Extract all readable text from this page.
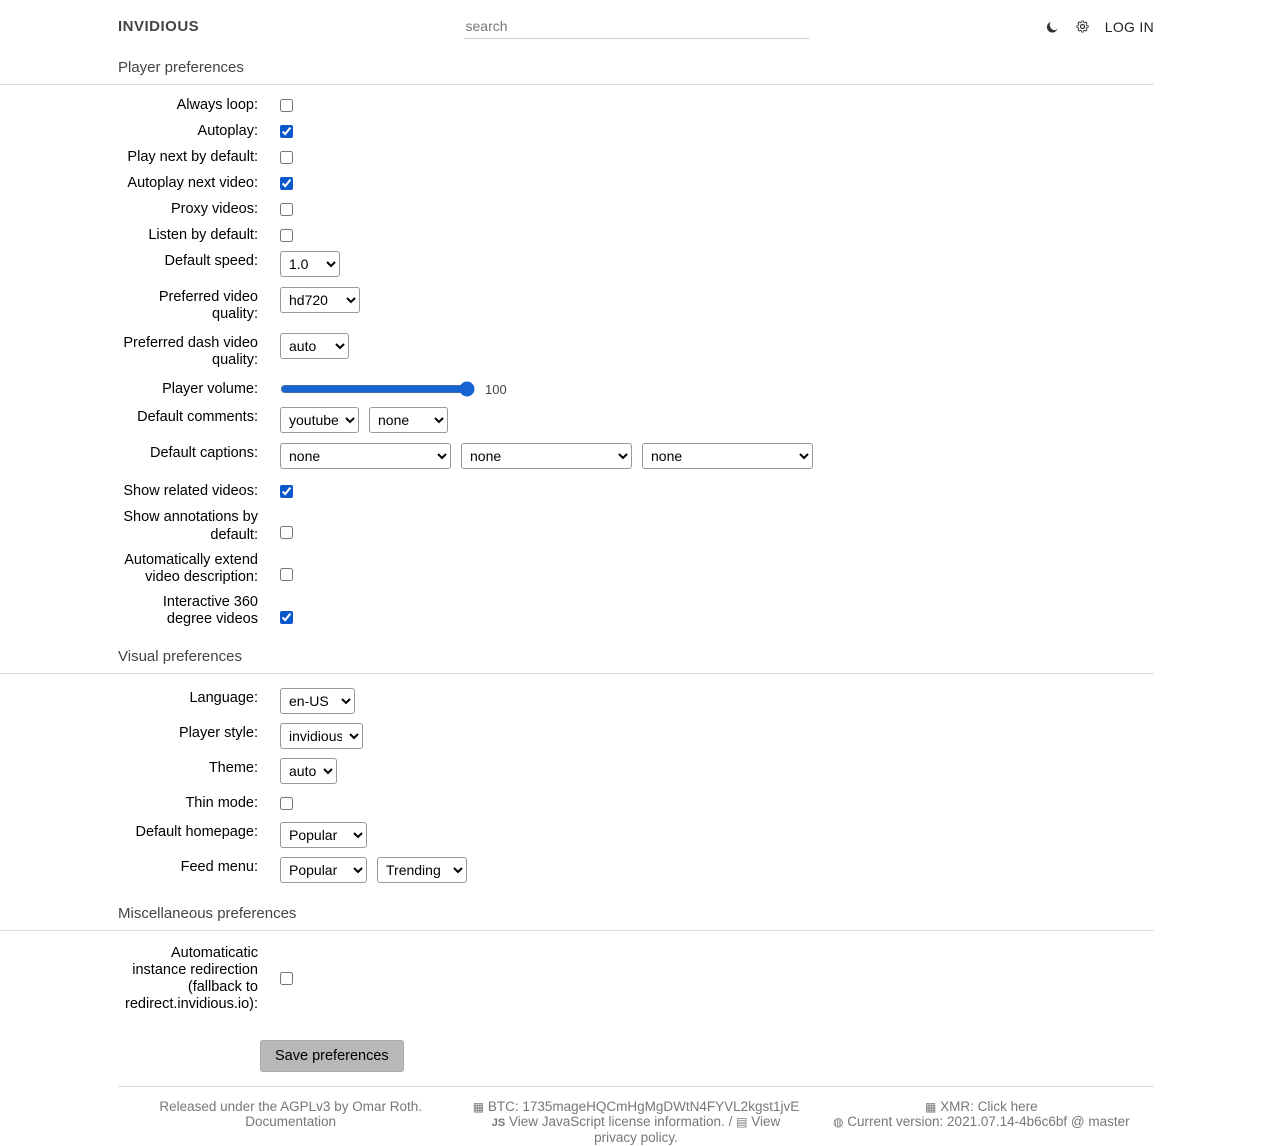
INVIDIOUS
search	LOG IN
Player preferences
Always loop:
Autoplay:
Play next by default:
Autoplay next video:
Proxy videos:
Listen by default:
Default speed:
1.0
Preferred video quality:
hd720
Preferred dash video quality:
auto
Player volume:	100
Default comments:
youtube
none
Default captions:
none
none
none
Show related videos:
Show annotations by default:
Automatically extend video description:
Interactive 360 degree videos
Visual preferences
Language:
en-US
Player style:
invidious
Theme:
auto
Thin mode:
Default homepage:
Popular
Feed menu:
Popular
Trending
Miscellaneous preferences
Automaticatic instance redirection (fallback to redirect.invidious.io):
Save preferences
Released under the AGPLv3 by Omar Roth.
Documentation
▦ BTC: 1735mageHQCmHgMgDWtN4FYVL2kgst1jvE
JS View JavaScript license information. / ▤ View privacy policy.
▦ XMR: Click here
◍ Current version: 2021.07.14-4b6c6bf @ master
